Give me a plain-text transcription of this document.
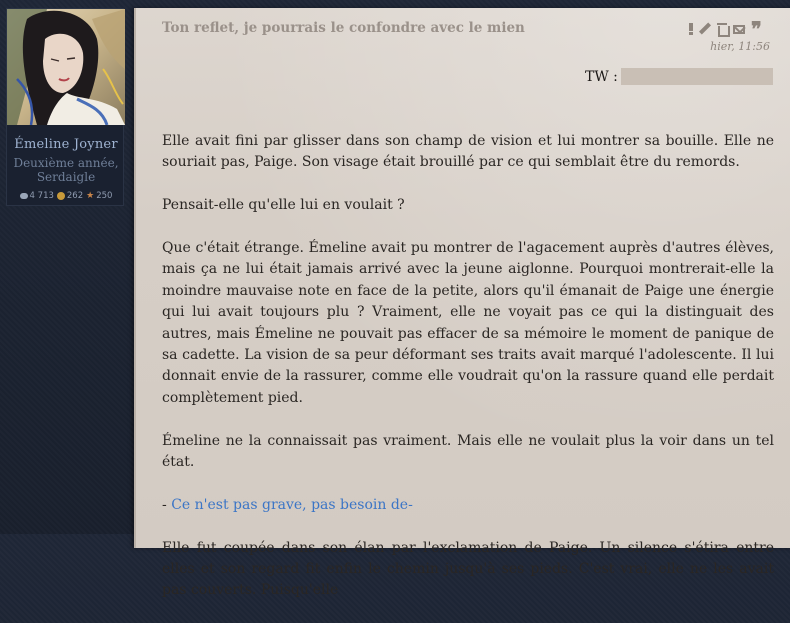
Émeline Joyner
Deuxième année,
Serdaigle
4 713 262 ★ 250
Ton reflet, je pourrais le confondre avec le mien	❞
hier, 11:56
TW :

Elle avait fini par glisser dans son champ de vision et lui montrer sa bouille. Elle ne souriait pas, Paige. Son visage était brouillé par ce qui semblait être du remords.

Pensait-elle qu'elle lui en voulait ?

Que c'était étrange. Émeline avait pu montrer de l'agacement auprès d'autres élèves, mais ça ne lui était jamais arrivé avec la jeune aiglonne. Pourquoi montrerait-elle la moindre mauvaise note en face de la petite, alors qu'il émanait de Paige une énergie qui lui avait toujours plu ? Vraiment, elle ne voyait pas ce qui la distinguait des autres, mais Émeline ne pouvait pas effacer de sa mémoire le moment de panique de sa cadette. La vision de sa peur déformant ses traits avait marqué l'adolescente. Il lui donnait envie de la rassurer, comme elle voudrait qu'on la rassure quand elle perdait complètement pied.

Émeline ne la connaissait pas vraiment. Mais elle ne voulait plus la voir dans un tel état.

- Ce n'est pas grave, pas besoin de-

Elle fut coupée dans son élan par l'exclamation de Paige. Un silence s'étira entre elles et son regard fit enfin le chemin jusqu'à ses pieds. C'est vrai, elle ne les avait pas couverts. Puisqu'elle
